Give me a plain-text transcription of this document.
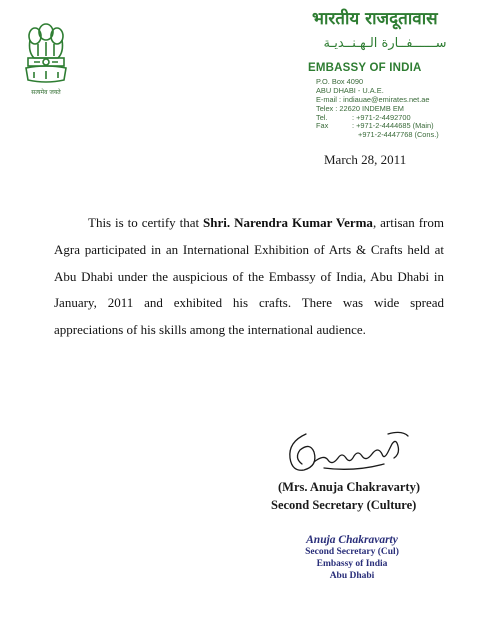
सत्यमेव जयते
भारतीय राजदूतावास
ســــــفــارة الـهـنــديـة
EMBASSY OF INDIA
P.O. Box 4090
ABU DHABI - U.A.E.
E-mail : indiauae@emirates.net.ae
Telex : 22620 INDEMB EM
Tel.	: +971-2-4492700
Fax	: +971-2-4444685 (Main)
+971-2-4447768 (Cons.)
March 28, 2011

This is to certify that Shri. Narendra Kumar Verma, artisan from Agra participated in an International Exhibition of Arts & Crafts held at Abu Dhabi under the auspicious of the Embassy of India, Abu Dhabi in January, 2011 and exhibited his crafts. There was wide spread appreciations of his skills among the international audience.

(Mrs. Anuja Chakravarty)
Second Secretary (Culture)
Anuja Chakravarty
Second Secretary (Cul)
Embassy of India
Abu Dhabi
